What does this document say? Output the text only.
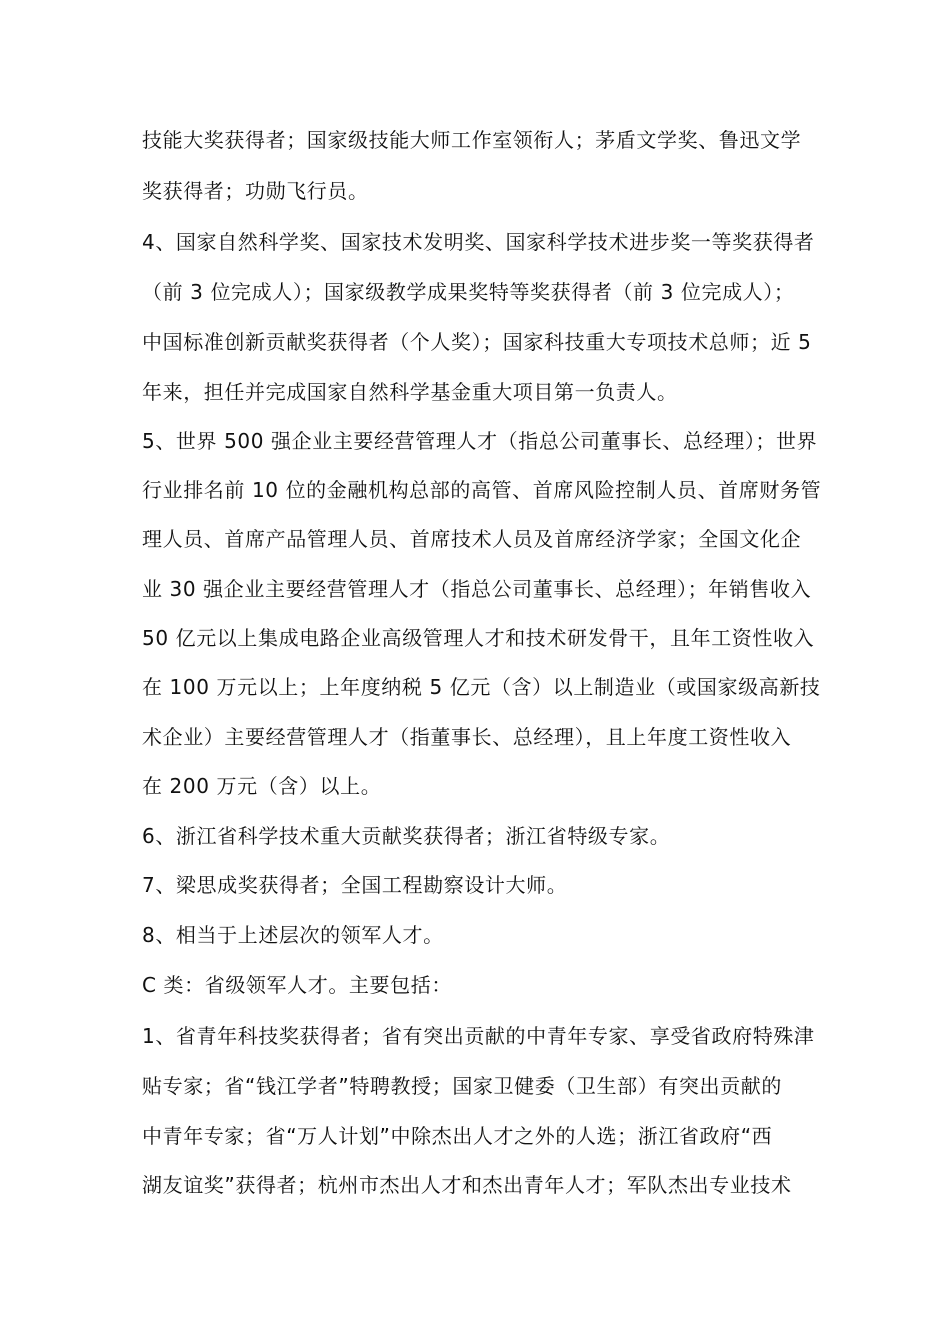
技能大奖获得者；国家级技能大师工作室领衔人；茅盾文学奖、鲁迅文学
奖获得者；功勋飞行员。
4、国家自然科学奖、国家技术发明奖、国家科学技术进步奖一等奖获得者
（前 3 位完成人）；国家级教学成果奖特等奖获得者（前 3 位完成人）；
中国标准创新贡献奖获得者（个人奖）；国家科技重大专项技术总师；近 5
年来，担任并完成国家自然科学基金重大项目第一负责人。
5、世界 500 强企业主要经营管理人才（指总公司董事长、总经理）；世界
行业排名前 10 位的金融机构总部的高管、首席风险控制人员、首席财务管
理人员、首席产品管理人员、首席技术人员及首席经济学家；全国文化企
业 30 强企业主要经营管理人才（指总公司董事长、总经理）；年销售收入
50 亿元以上集成电路企业高级管理人才和技术研发骨干，且年工资性收入
在 100 万元以上；上年度纳税 5 亿元（含）以上制造业（或国家级高新技
术企业）主要经营管理人才（指董事长、总经理），且上年度工资性收入
在 200 万元（含）以上。
6、浙江省科学技术重大贡献奖获得者；浙江省特级专家。
7、梁思成奖获得者；全国工程勘察设计大师。
8、相当于上述层次的领军人才。
C 类：省级领军人才。主要包括：
1、省青年科技奖获得者；省有突出贡献的中青年专家、享受省政府特殊津
贴专家；省“钱江学者”特聘教授；国家卫健委（卫生部）有突出贡献的
中青年专家；省“万人计划”中除杰出人才之外的人选；浙江省政府“西
湖友谊奖”获得者；杭州市杰出人才和杰出青年人才；军队杰出专业技术
